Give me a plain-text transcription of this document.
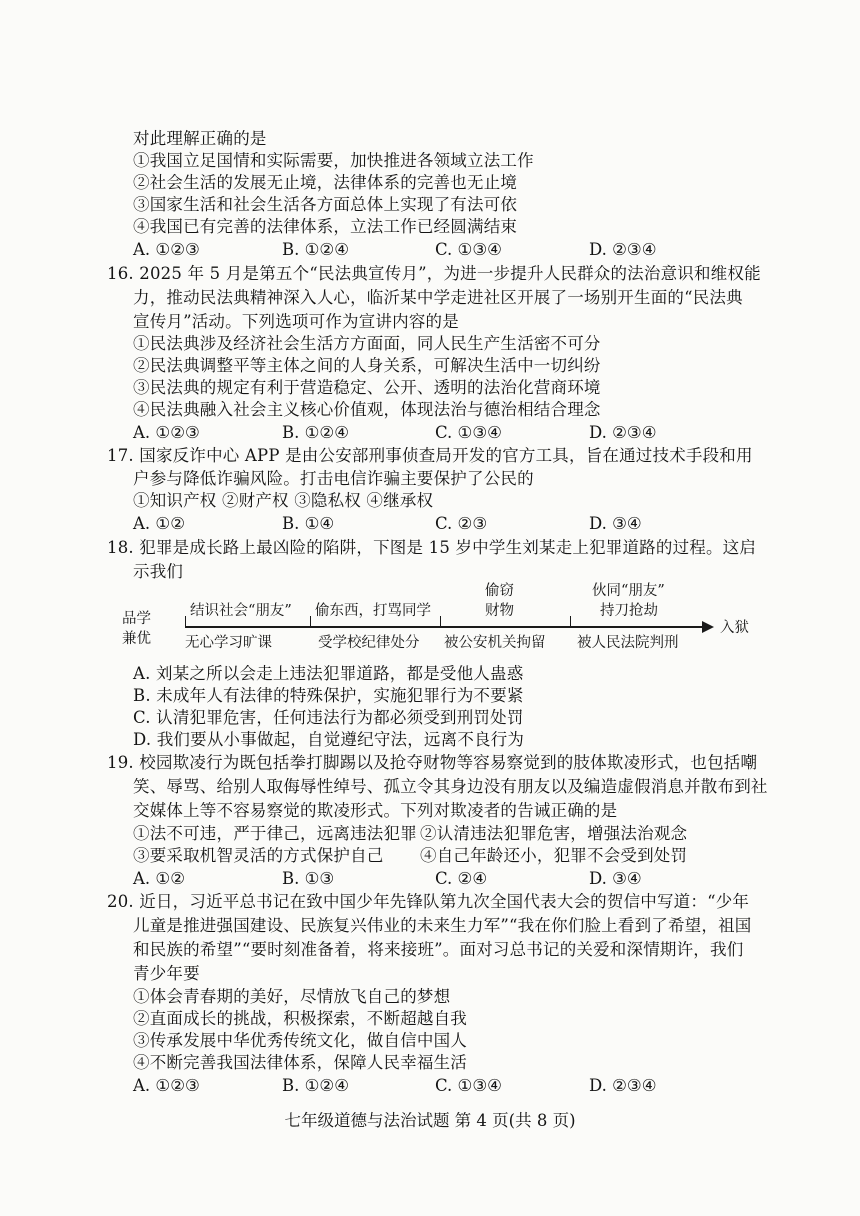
对此理解正确的是
①我国立足国情和实际需要，加快推进各领域立法工作
②社会生活的发展无止境，法律体系的完善也无止境
③国家生活和社会生活各方面总体上实现了有法可依
④我国已有完善的法律体系，立法工作已经圆满结束
A. ①②③	B. ①②④	C. ①③④	D. ②③④
16. 2025 年 5 月是第五个“民法典宣传月”，为进一步提升人民群众的法治意识和维权能
力，推动民法典精神深入人心，临沂某中学走进社区开展了一场别开生面的“民法典
宣传月”活动。下列选项可作为宣讲内容的是
①民法典涉及经济社会生活方方面面，同人民生产生活密不可分
②民法典调整平等主体之间的人身关系，可解决生活中一切纠纷
③民法典的规定有利于营造稳定、公开、透明的法治化营商环境
④民法典融入社会主义核心价值观，体现法治与德治相结合理念
A. ①②③	B. ①②④	C. ①③④	D. ②③④
17. 国家反诈中心 APP 是由公安部刑事侦查局开发的官方工具，旨在通过技术手段和用
户参与降低诈骗风险。打击电信诈骗主要保护了公民的
①知识产权 ②财产权 ③隐私权 ④继承权
A. ①②	B. ①④	C. ②③	D. ③④
18. 犯罪是成长路上最凶险的陷阱，下图是 15 岁中学生刘某走上犯罪道路的过程。这启
示我们
品学
兼优
结识社会“朋友” 偷东西，打骂同学
偷窃
财物
伙同“朋友”
持刀抢劫
入狱
无心学习旷课	受学校纪律处分 被公安机关拘留 被人民法院判刑
A. 刘某之所以会走上违法犯罪道路，都是受他人蛊惑
B. 未成年人有法律的特殊保护，实施犯罪行为不要紧
C. 认清犯罪危害，任何违法行为都必须受到刑罚处罚
D. 我们要从小事做起，自觉遵纪守法，远离不良行为
19. 校园欺凌行为既包括拳打脚踢以及抢夺财物等容易察觉到的肢体欺凌形式，也包括嘲
笑、辱骂、给别人取侮辱性绰号、孤立令其身边没有朋友以及编造虚假消息并散布到社
交媒体上等不容易察觉的欺凌形式。下列对欺凌者的告诫正确的是
①法不可违，严于律己，远离违法犯罪 ②认清违法犯罪危害，增强法治观念
③要采取机智灵活的方式保护自己 ④自己年龄还小，犯罪不会受到处罚
A. ①②	B. ①③	C. ②④	D. ③④
20. 近日，习近平总书记在致中国少年先锋队第九次全国代表大会的贺信中写道：“少年
儿童是推进强国建设、民族复兴伟业的未来生力军”“我在你们脸上看到了希望，祖国
和民族的希望”“要时刻准备着，将来接班”。面对习总书记的关爱和深情期许，我们
青少年要
①体会青春期的美好，尽情放飞自己的梦想
②直面成长的挑战，积极探索，不断超越自我
③传承发展中华优秀传统文化，做自信中国人
④不断完善我国法律体系，保障人民幸福生活
A. ①②③	B. ①②④	C. ①③④	D. ②③④
七年级道德与法治试题 第 4 页(共 8 页)
